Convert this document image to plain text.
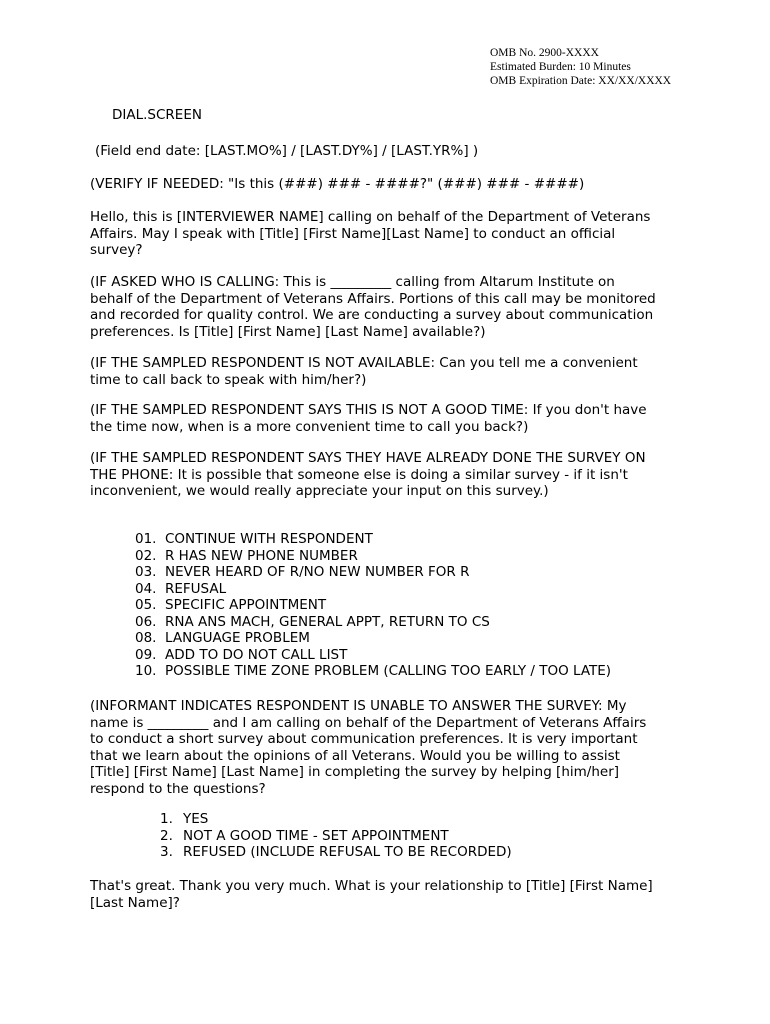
OMB No. 2900-XXXX
Estimated Burden: 10 Minutes
OMB Expiration Date: XX/XX/XXXX
DIAL.SCREEN
(Field end date: [LAST.MO%] / [LAST.DY%] / [LAST.YR%] )
(VERIFY IF NEEDED: "Is this (###) ### - ####?" (###) ### - ####)
Hello, this is [INTERVIEWER NAME] calling on behalf of the Department of Veterans
Affairs. May I speak with [Title] [First Name][Last Name] to conduct an official
survey?
(IF ASKED WHO IS CALLING: This is _________ calling from Altarum Institute on
behalf of the Department of Veterans Affairs. Portions of this call may be monitored
and recorded for quality control. We are conducting a survey about communication
preferences. Is [Title] [First Name] [Last Name] available?)
(IF THE SAMPLED RESPONDENT IS NOT AVAILABLE: Can you tell me a convenient
time to call back to speak with him/her?)
(IF THE SAMPLED RESPONDENT SAYS THIS IS NOT A GOOD TIME: If you don't have
the time now, when is a more convenient time to call you back?)
(IF THE SAMPLED RESPONDENT SAYS THEY HAVE ALREADY DONE THE SURVEY ON
THE PHONE: It is possible that someone else is doing a similar survey - if it isn't
inconvenient, we would really appreciate your input on this survey.)
01. CONTINUE WITH RESPONDENT
02. R HAS NEW PHONE NUMBER
03. NEVER HEARD OF R/NO NEW NUMBER FOR R
04. REFUSAL
05. SPECIFIC APPOINTMENT
06. RNA ANS MACH, GENERAL APPT, RETURN TO CS
08. LANGUAGE PROBLEM
09. ADD TO DO NOT CALL LIST
10. POSSIBLE TIME ZONE PROBLEM (CALLING TOO EARLY / TOO LATE)
(INFORMANT INDICATES RESPONDENT IS UNABLE TO ANSWER THE SURVEY: My
name is _________ and I am calling on behalf of the Department of Veterans Affairs
to conduct a short survey about communication preferences. It is very important
that we learn about the opinions of all Veterans. Would you be willing to assist
[Title] [First Name] [Last Name] in completing the survey by helping [him/her]
respond to the questions?
1. YES
2. NOT A GOOD TIME - SET APPOINTMENT
3. REFUSED (INCLUDE REFUSAL TO BE RECORDED)
That's great. Thank you very much. What is your relationship to [Title] [First Name]
[Last Name]?
